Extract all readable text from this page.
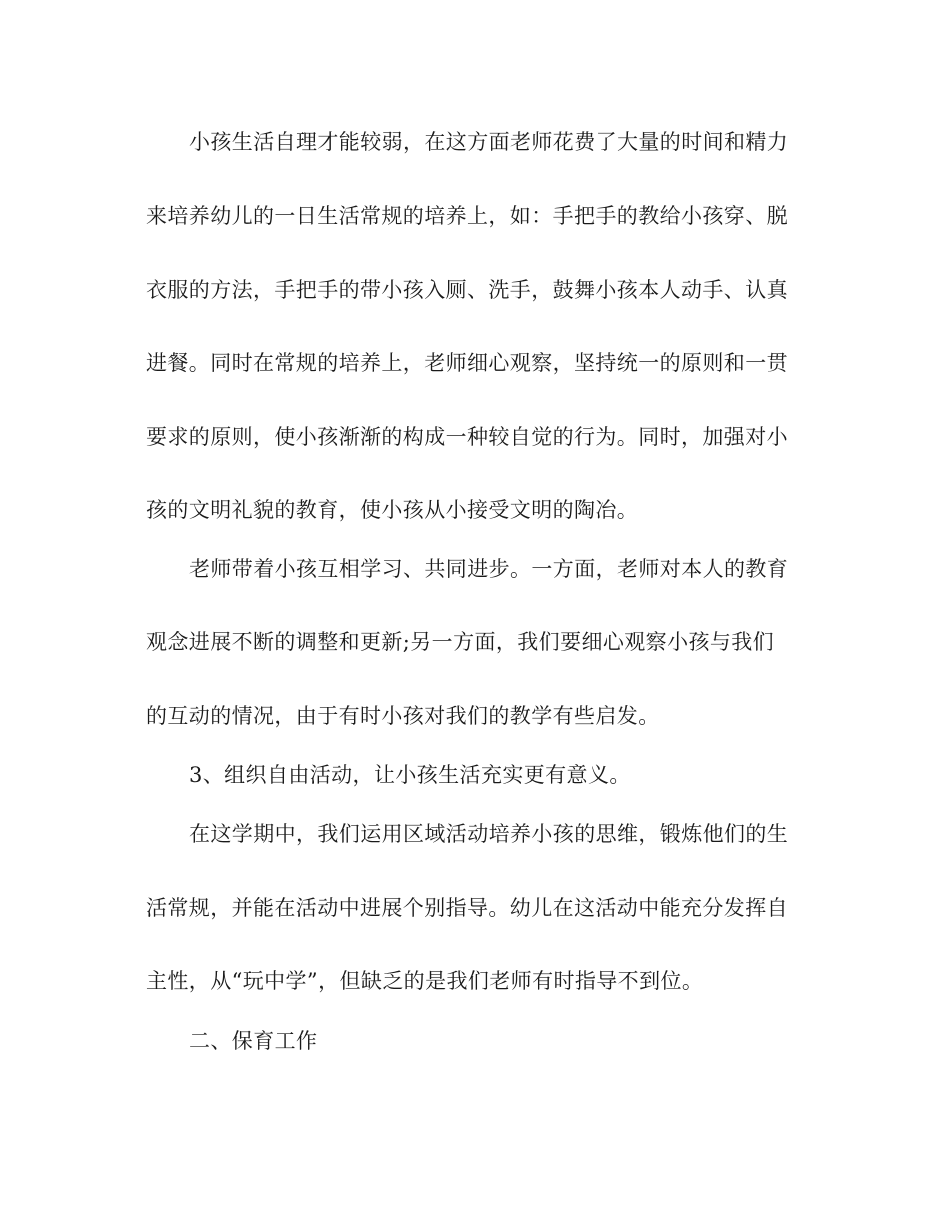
小孩生活自理才能较弱，在这方面老师花费了大量的时间和精力
来培养幼儿的一日生活常规的培养上，如：手把手的教给小孩穿、脱
衣服的方法，手把手的带小孩入厕、洗手，鼓舞小孩本人动手、认真
进餐。同时在常规的培养上，老师细心观察，坚持统一的原则和一贯
要求的原则，使小孩渐渐的构成一种较自觉的行为。同时，加强对小
孩的文明礼貌的教育，使小孩从小接受文明的陶冶。
老师带着小孩互相学习、共同进步。一方面，老师对本人的教育
观念进展不断的调整和更新;另一方面，我们要细心观察小孩与我们
的互动的情况，由于有时小孩对我们的教学有些启发。
3、组织自由活动，让小孩生活充实更有意义。
在这学期中，我们运用区域活动培养小孩的思维，锻炼他们的生
活常规，并能在活动中进展个别指导。幼儿在这活动中能充分发挥自
主性，从“玩中学”，但缺乏的是我们老师有时指导不到位。
二、保育工作
